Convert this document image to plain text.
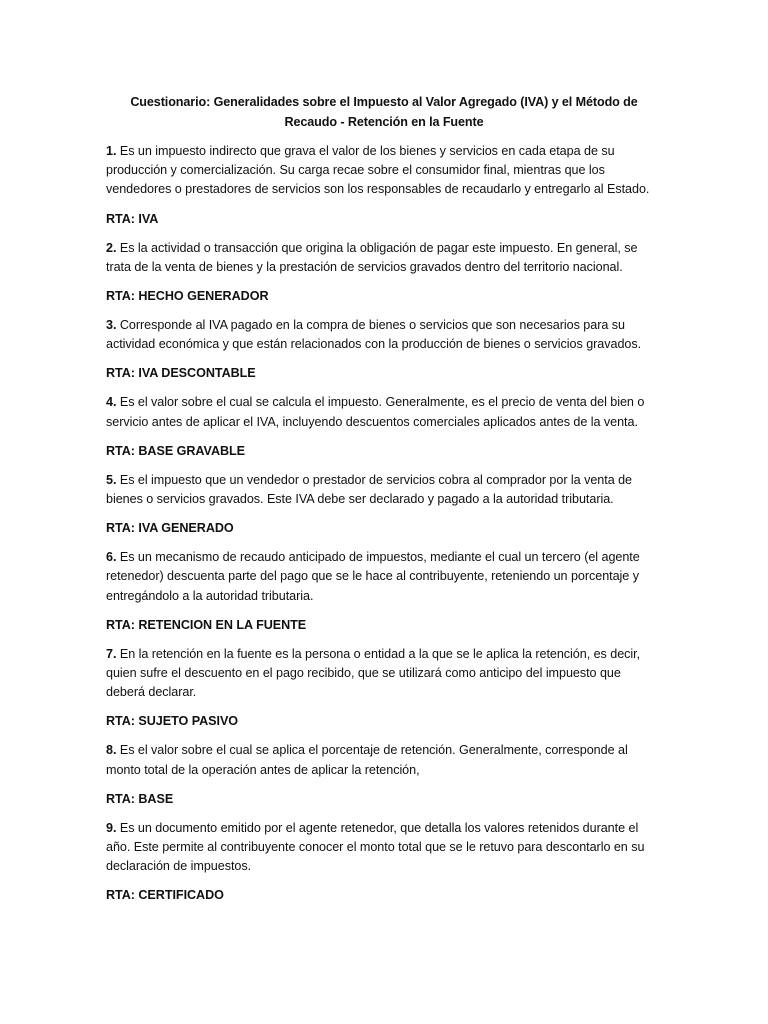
Cuestionario: Generalidades sobre el Impuesto al Valor Agregado (IVA) y el Método de Recaudo - Retención en la Fuente

1. Es un impuesto indirecto que grava el valor de los bienes y servicios en cada etapa de su producción y comercialización. Su carga recae sobre el consumidor final, mientras que los vendedores o prestadores de servicios son los responsables de recaudarlo y entregarlo al Estado.

RTA: IVA

2. Es la actividad o transacción que origina la obligación de pagar este impuesto. En general, se trata de la venta de bienes y la prestación de servicios gravados dentro del territorio nacional.

RTA: HECHO GENERADOR

3. Corresponde al IVA pagado en la compra de bienes o servicios que son necesarios para su actividad económica y que están relacionados con la producción de bienes o servicios gravados.

RTA: IVA DESCONTABLE

4. Es el valor sobre el cual se calcula el impuesto. Generalmente, es el precio de venta del bien o servicio antes de aplicar el IVA, incluyendo descuentos comerciales aplicados antes de la venta.

RTA: BASE GRAVABLE

5. Es el impuesto que un vendedor o prestador de servicios cobra al comprador por la venta de bienes o servicios gravados. Este IVA debe ser declarado y pagado a la autoridad tributaria.

RTA: IVA GENERADO

6. Es un mecanismo de recaudo anticipado de impuestos, mediante el cual un tercero (el agente retenedor) descuenta parte del pago que se le hace al contribuyente, reteniendo un porcentaje y entregándolo a la autoridad tributaria.

RTA: RETENCION EN LA FUENTE

7. En la retención en la fuente es la persona o entidad a la que se le aplica la retención, es decir, quien sufre el descuento en el pago recibido, que se utilizará como anticipo del impuesto que deberá declarar.

RTA: SUJETO PASIVO

8. Es el valor sobre el cual se aplica el porcentaje de retención. Generalmente, corresponde al monto total de la operación antes de aplicar la retención,

RTA: BASE

9. Es un documento emitido por el agente retenedor, que detalla los valores retenidos durante el año. Este permite al contribuyente conocer el monto total que se le retuvo para descontarlo en su declaración de impuestos.

RTA: CERTIFICADO
